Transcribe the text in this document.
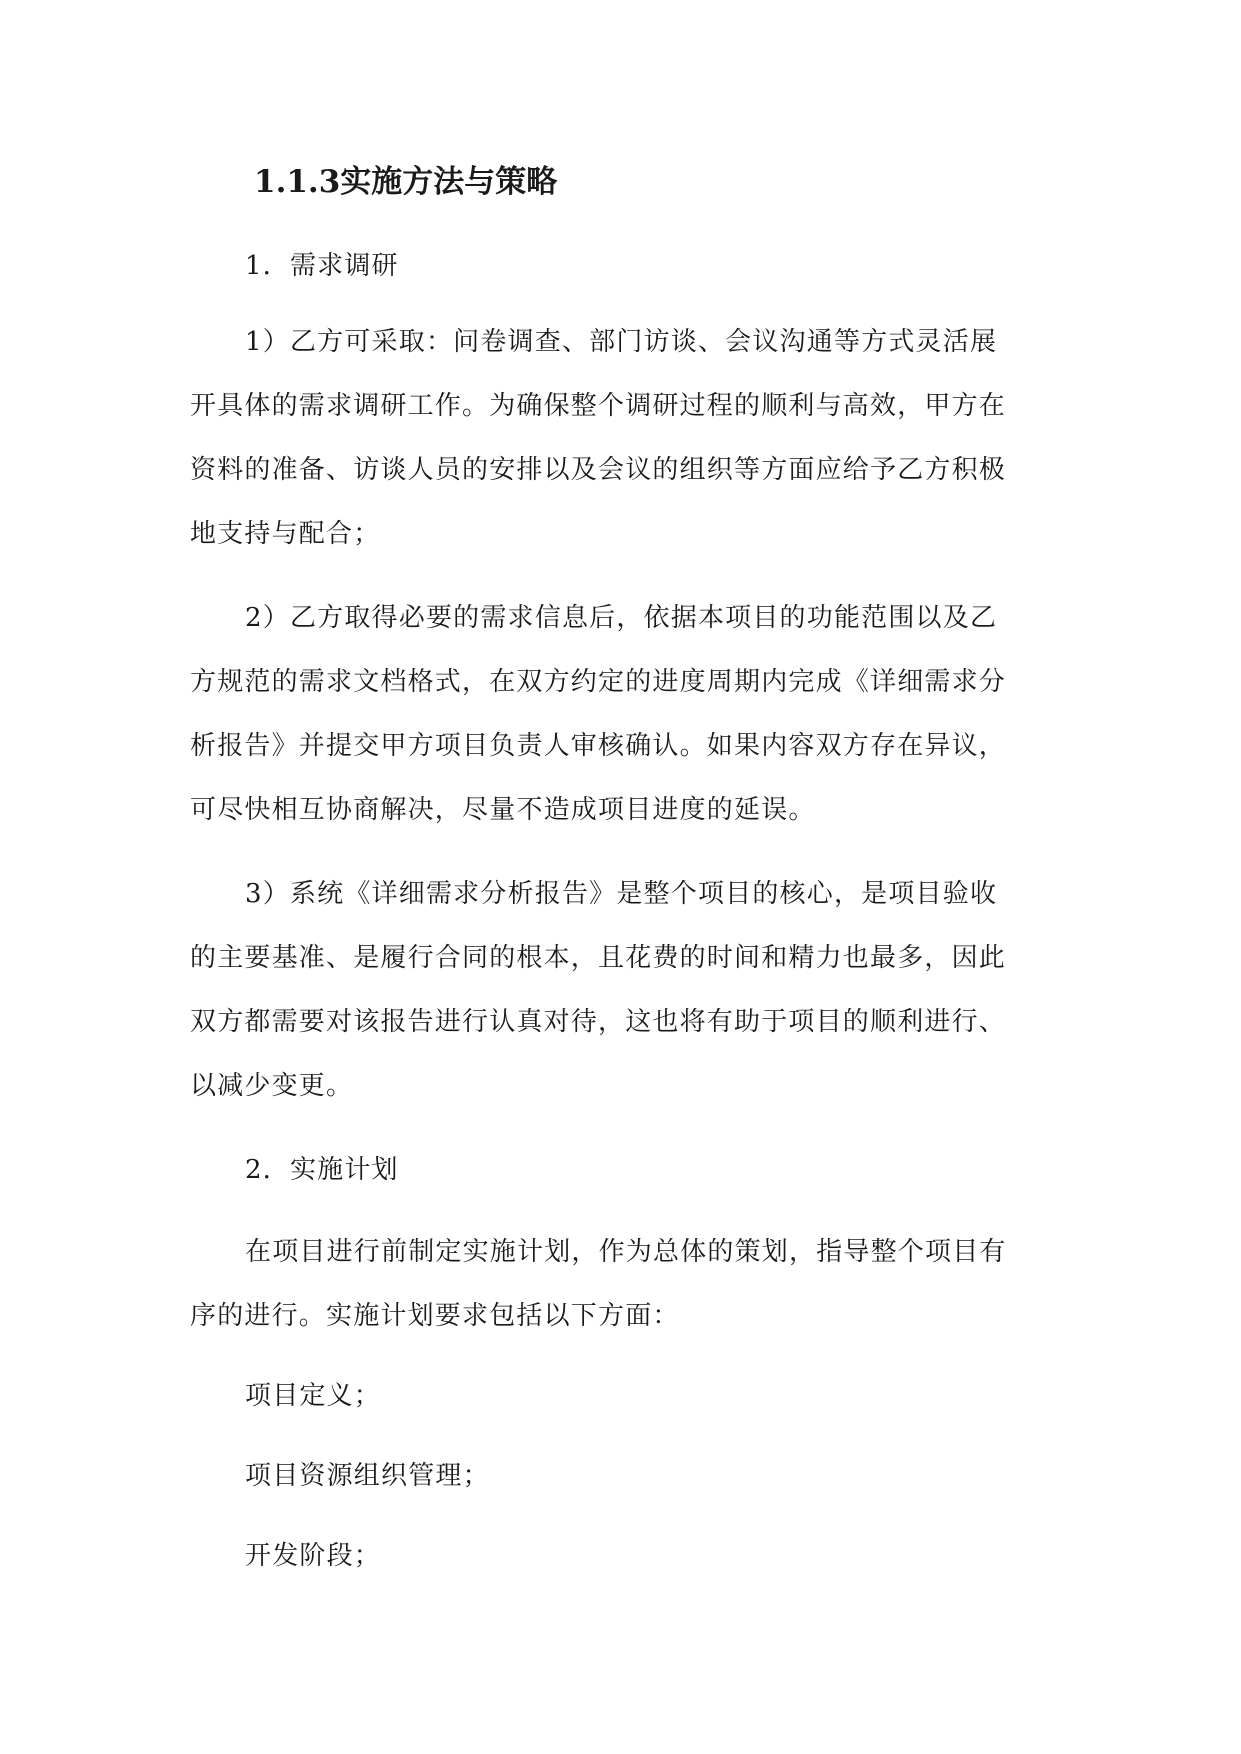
1.1.3实施方法与策略
1．需求调研
1）乙方可采取：问卷调查、部门访谈、会议沟通等方式灵活展
开具体的需求调研工作。为确保整个调研过程的顺利与高效，甲方在
资料的准备、访谈人员的安排以及会议的组织等方面应给予乙方积极
地支持与配合；
2）乙方取得必要的需求信息后，依据本项目的功能范围以及乙
方规范的需求文档格式，在双方约定的进度周期内完成《详细需求分
析报告》并提交甲方项目负责人审核确认。如果内容双方存在异议，
可尽快相互协商解决，尽量不造成项目进度的延误。
3）系统《详细需求分析报告》是整个项目的核心，是项目验收
的主要基准、是履行合同的根本，且花费的时间和精力也最多，因此
双方都需要对该报告进行认真对待，这也将有助于项目的顺利进行、
以减少变更。
2．实施计划
在项目进行前制定实施计划，作为总体的策划，指导整个项目有
序的进行。实施计划要求包括以下方面：
项目定义；
项目资源组织管理；
开发阶段；
